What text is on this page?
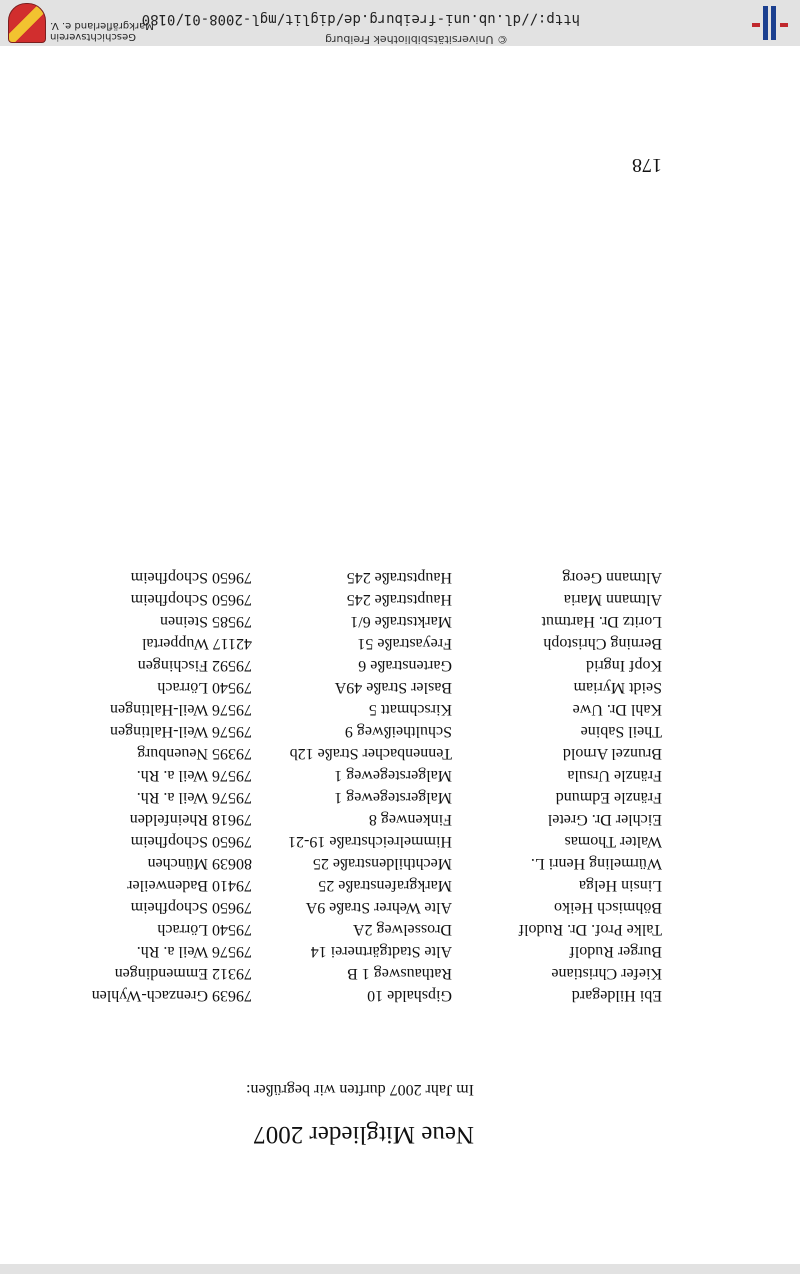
178
Neue Mitglieder 2007
Im Jahr 2007 durften wir begrüßen:
Ebi Hildegard
Gipshalde 10
79639 Grenzach-Wyhlen
Kiefer Christiane
Rathausweg 1 B
79312 Emmendingen
Burger Rudolf
Alte Stadtgärtnerei 14
79576 Weil a. Rh.
Talke Prof. Dr. Rudolf
Drosselweg 2A
79540 Lörrach
Böhmisch Heiko
Alte Wehrer Straße 9A
79650 Schopfheim
Linsin Helga
Markgrafenstraße 25
79410 Badenweiler
Würmeling Henri L.
Mechthildenstraße 25
80639 München
Walter Thomas
Himmelreichstraße 19-21
79650 Schopfheim
Eichler Dr. Gretel
Finkenweg 8
79618 Rheinfelden
Fränzle Edmund
Malgerstegeweg 1
79576 Weil a. Rh.
Fränzle Ursula
Malgerstegeweg 1
79576 Weil a. Rh.
Brunzel Arnold
Tennenbacher Straße 12b
79395 Neuenburg
Theil Sabine
Schultheißweg 9
79576 Weil-Haltingen
Kahl Dr. Uwe
Kirschmatt 5
79576 Weil-Haltingen
Seidt Myriam
Basler Straße 49A
79540 Lörrach
Kopf Ingrid
Gartenstraße 6
79592 Fischingen
Berning Christoph
Freyastraße 51
42117 Wuppertal
Loritz Dr. Hartmut
Marktstraße 6/1
79585 Steinen
Altmann Maria
Hauptstraße 245
79650 Schopfheim
Altmann Georg
Hauptstraße 245
79650 Schopfheim
© Universitätsbibliothek Freiburg
http://dl.ub.uni-freiburg.de/diglit/mgl-2008-01/0180
Geschichtsverein
Markgräflerland e. V.
